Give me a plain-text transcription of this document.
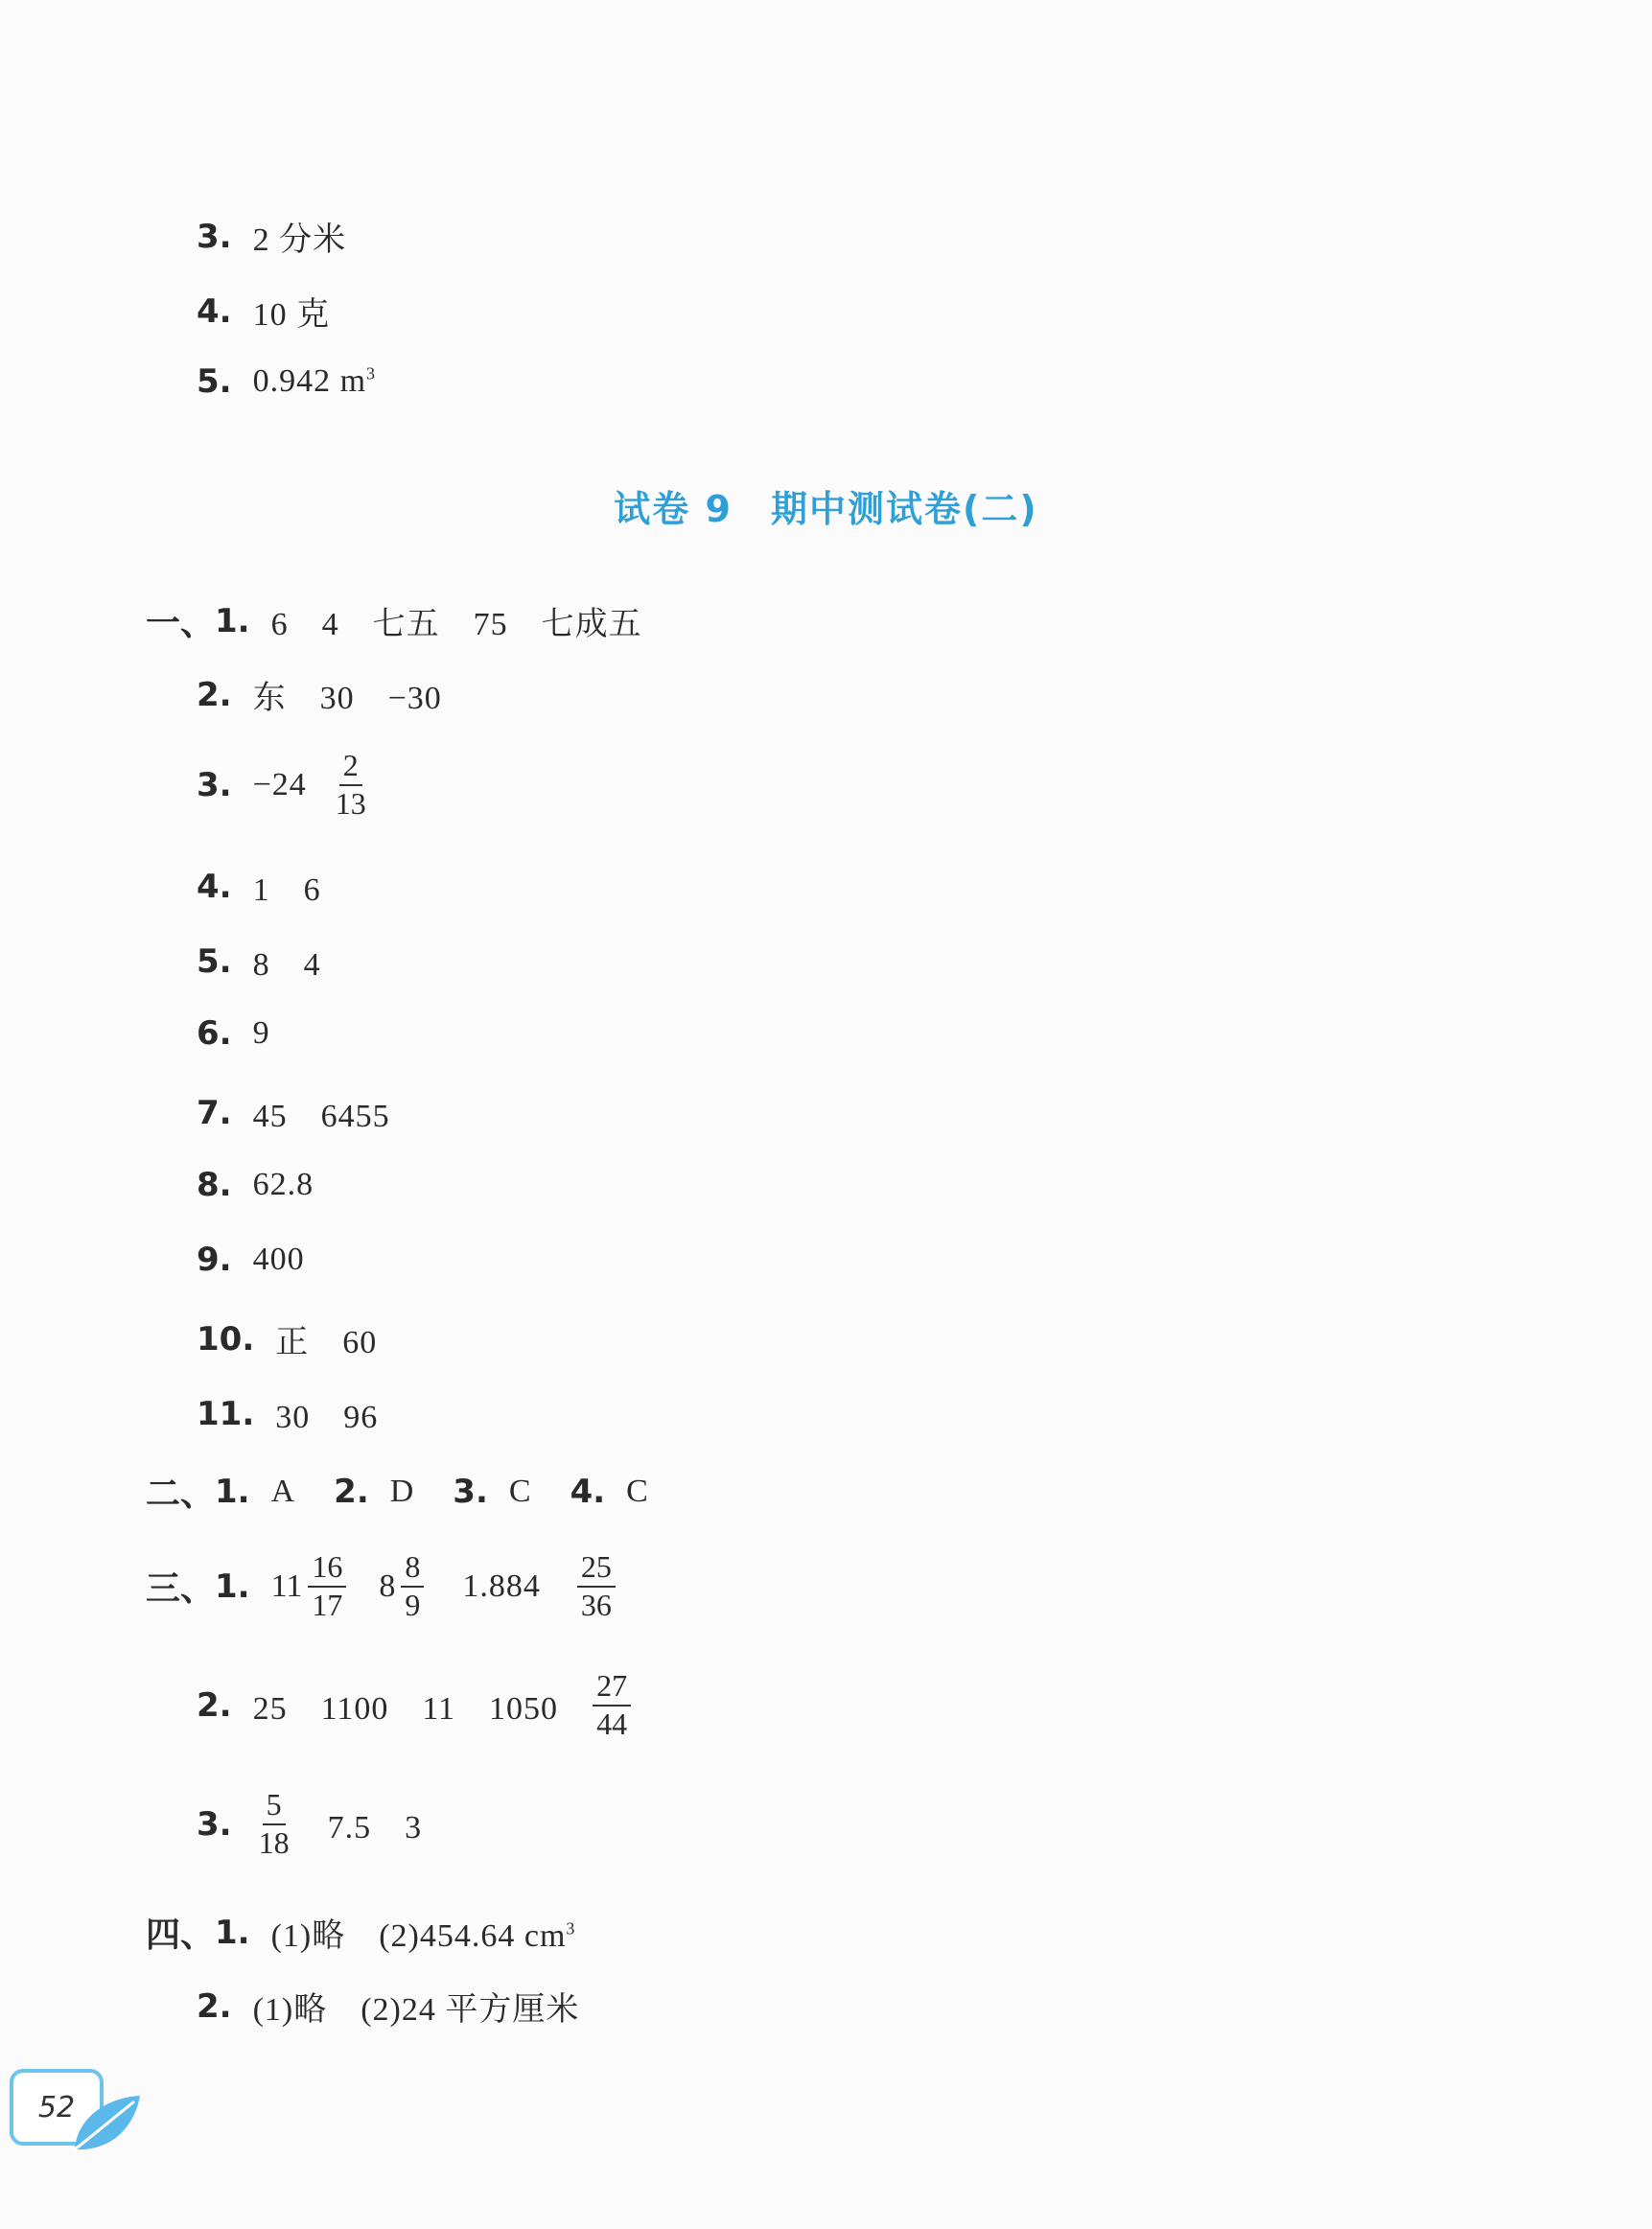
3. 2 分米
4. 10 克
5. 0.942 $m^3$
试卷 9　期中测试卷(二)
一、 1. 6　4　七五　75　七成五
2. 东　30　−30
3. $-24 \frac{2}{13}$
4. 1　6
5. 8　4
6. 9
7. 45　6455
8. 62.8
9. 400
10. 正　60
11. 30　96
二、 1. A 2. D 3. C 4. C
三、 1. $11 \frac{16}{17} 8 \frac{8}{9} 1.884 \frac{25}{36}$
2. 25　1100　11　$1050 \frac{27}{44}$
3. $\frac{5}{18} 7.5$　3
四、 1. (1)略　(2)454.64 $cm^3$
2. (1)略　(2)24 平方厘米
52
